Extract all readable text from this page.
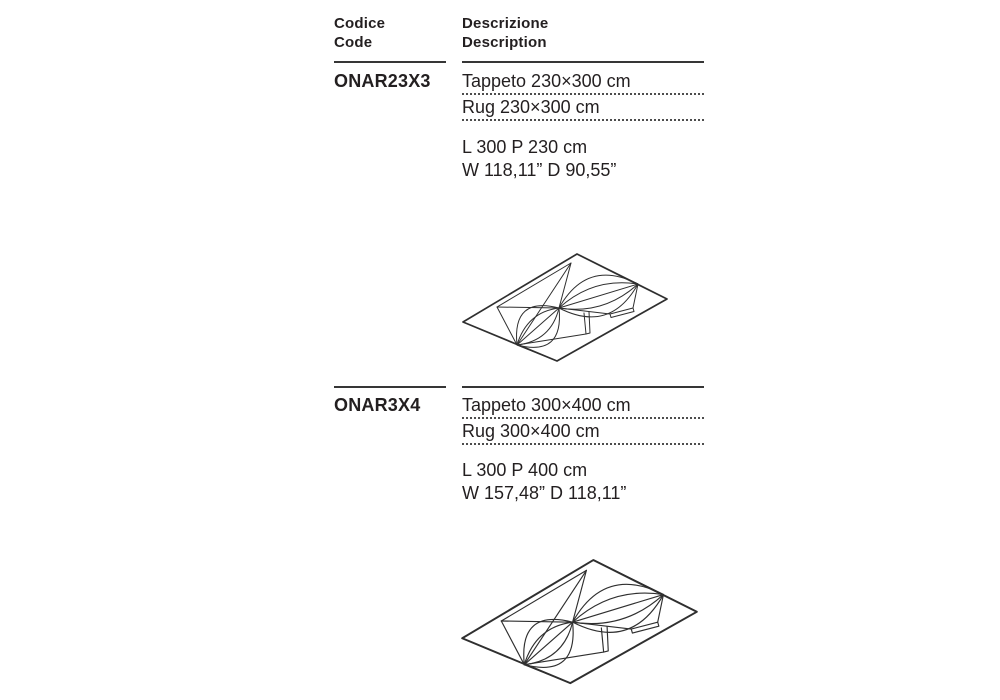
Codice
Code
Descrizione
Description
ONAR23X3 Tappeto 230×300 cm
Rug 230×300 cm
L 300 P 230 cm
W 118,11” D 90,55”
ONAR3X4 Tappeto 300×400 cm
Rug 300×400 cm
L 300 P 400 cm
W 157,48” D 118,11”
